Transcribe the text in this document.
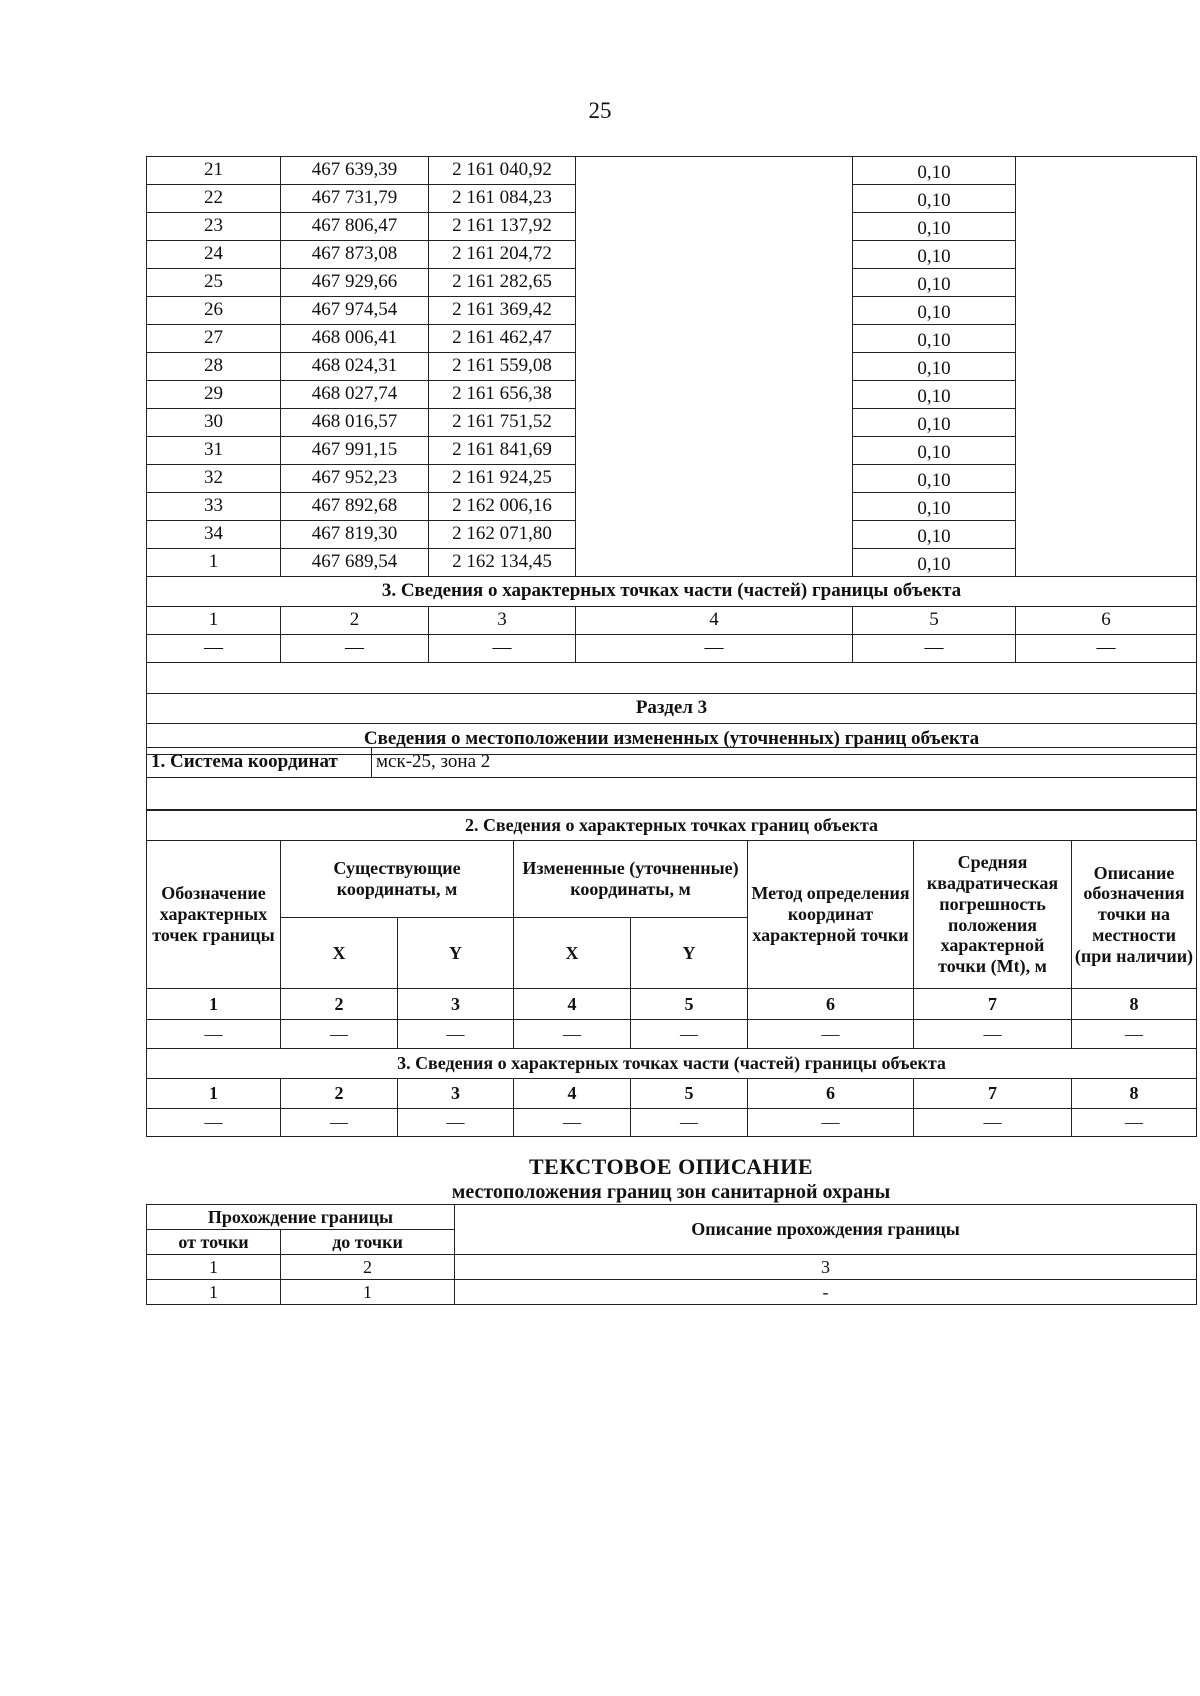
25
21	467 639,39	2 161 040,92		0,10	
22	467 731,79	2 161 084,23		0,10	
23	467 806,47	2 161 137,92		0,10	
24	467 873,08	2 161 204,72		0,10	
25	467 929,66	2 161 282,65		0,10	
26	467 974,54	2 161 369,42		0,10	
27	468 006,41	2 161 462,47		0,10	
28	468 024,31	2 161 559,08		0,10	
29	468 027,74	2 161 656,38		0,10	
30	468 016,57	2 161 751,52		0,10	
31	467 991,15	2 161 841,69		0,10	
32	467 952,23	2 161 924,25		0,10	
33	467 892,68	2 162 006,16		0,10	
34	467 819,30	2 162 071,80		0,10	
1	467 689,54	2 162 134,45		0,10	
3. Сведения о характерных точках части (частей) границы объекта					
1	2	3	4	5	6
—	—	—	—	—	—

Раздел 3					
Сведения о местоположении измененных (уточненных) границ объекта					
1. Система координат	мск-25, зона 2

2. Сведения о характерных точках границ объекта							
Обозначение характерных точек границы	Существующие координаты, м		Измененные (уточненные) координаты, м		Метод определения координат характерной точки	Средняя квадратическая погрешность положения характерной точки (Mt), м	Описание обозначения точки на местности (при наличии)
	X	Y	X	Y			
1	2	3	4	5	6	7	8
—	—	—	—	—	—	—	—
3. Сведения о характерных точках части (частей) границы объекта							
1	2	3	4	5	6	7	8
—	—	—	—	—	—	—	—
ТЕКСТОВОЕ ОПИСАНИЕ
местоположения границ зон санитарной охраны
Прохождение границы		Описание прохождения границы
от точки	до точки	
1	2	3
1	1	-
